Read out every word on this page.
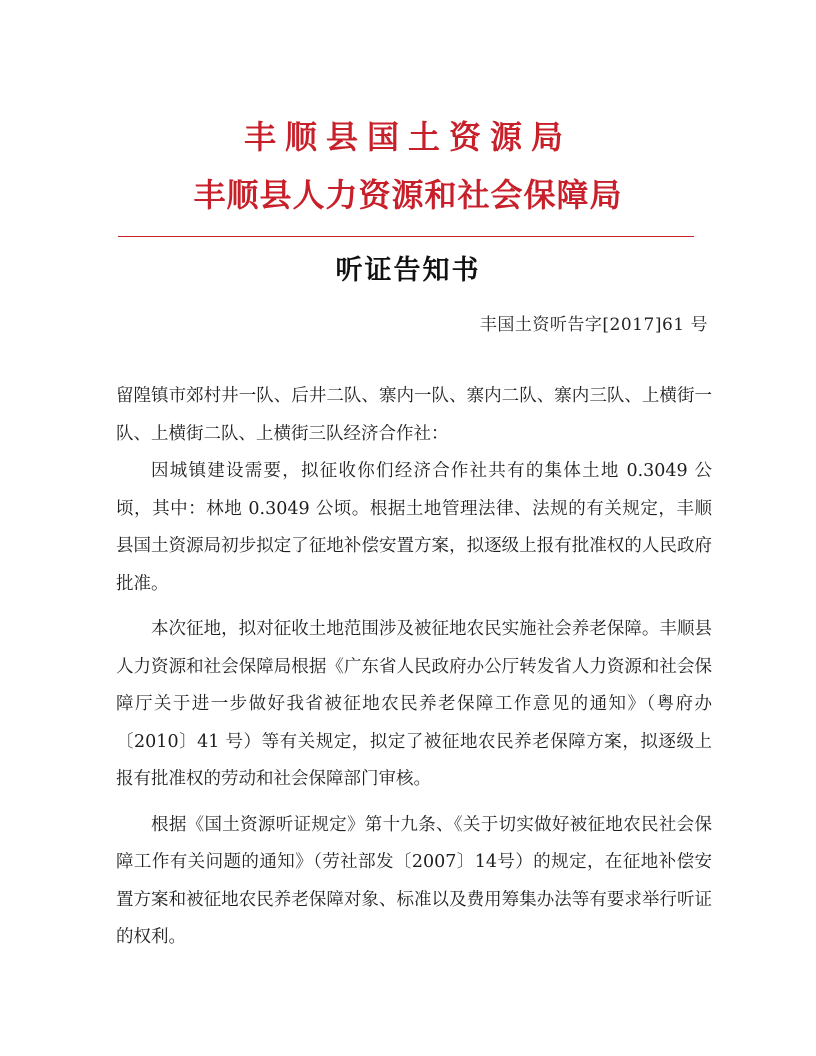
丰顺县国土资源局
丰顺县人力资源和社会保障局
听证告知书
丰国土资听告字[2017]61 号

留隍镇市郊村井一队、后井二队、寨内一队、寨内二队、寨内三队、上横街一队、上横街二队、上横街三队经济合作社：

因城镇建设需要，拟征收你们经济合作社共有的集体土地 0.3049 公顷，其中：林地 0.3049 公顷。根据土地管理法律、法规的有关规定，丰顺县国土资源局初步拟定了征地补偿安置方案，拟逐级上报有批准权的人民政府批准。

本次征地，拟对征收土地范围涉及被征地农民实施社会养老保障。丰顺县人力资源和社会保障局根据《广东省人民政府办公厅转发省人力资源和社会保障厅关于进一步做好我省被征地农民养老保障工作意见的通知》（粤府办〔2010〕41 号）等有关规定，拟定了被征地农民养老保障方案，拟逐级上报有批准权的劳动和社会保障部门审核。

根据《国土资源听证规定》第十九条、《关于切实做好被征地农民社会保障工作有关问题的通知》（劳社部发〔2007〕14号）的规定，在征地补偿安置方案和被征地农民养老保障对象、标准以及费用筹集办法等有要求举行听证的权利。
